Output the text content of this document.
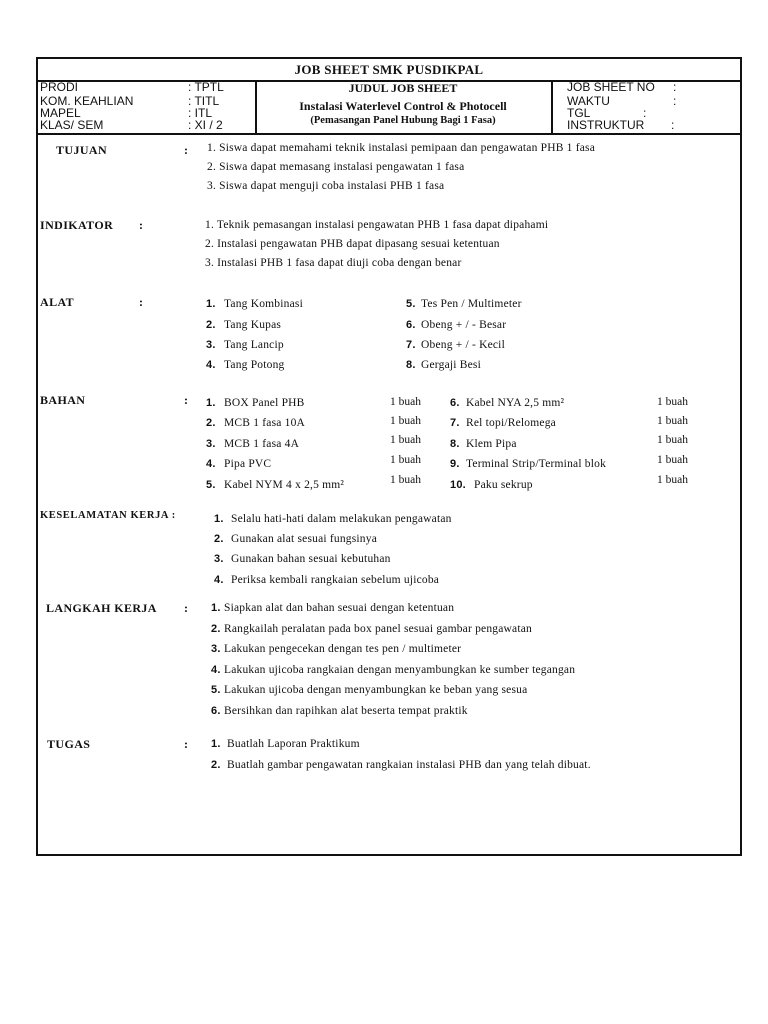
JOB SHEET SMK PUSDIKPAL
PRODI	: TPTL
KOM. KEAHLIAN	: TITL
MAPEL	: ITL
KLAS/ SEM	: XI / 2
JUDUL JOB SHEET
Instalasi Waterlevel Control & Photocell
(Pemasangan Panel Hubung Bagi 1 Fasa)
JOB SHEET NO :
WAKTU	:
TGL	:
INSTRUKTUR :
TUJUAN	: 1. Siswa dapat memahami teknik instalasi pemipaan dan pengawatan PHB 1 fasa
2. Siswa dapat memasang instalasi pengawatan 1 fasa
3. Siswa dapat menguji coba instalasi PHB 1 fasa
INDIKATOR :	1. Teknik pemasangan instalasi pengawatan PHB 1 fasa dapat dipahami
2. Instalasi pengawatan PHB dapat dipasang sesuai ketentuan
3. Instalasi PHB 1 fasa dapat diuji coba dengan benar
ALAT	:	1. Tang Kombinasi
2. Tang Kupas
3. Tang Lancip
4. Tang Potong
5. Tes Pen / Multimeter
6. Obeng + / - Besar
7. Obeng + / - Kecil
8. Gergaji Besi
BAHAN	: 1. BOX Panel PHB	1 buah
2. MCB 1 fasa 10A	1 buah
3. MCB 1 fasa 4A	1 buah
4. Pipa PVC	1 buah
5. Kabel NYM 4 x 2,5 mm²	1 buah
6. Kabel NYA 2,5 mm²	1 buah
7. Rel topi/Relomega	1 buah
8. Klem Pipa	1 buah
9. Terminal Strip/Terminal blok	1 buah
10. Paku sekrup	1 buah
KESELAMATAN KERJA :	1. Selalu hati-hati dalam melakukan pengawatan
2. Gunakan alat sesuai fungsinya
3. Gunakan bahan sesuai kebutuhan
4. Periksa kembali rangkaian sebelum ujicoba
LANGKAH KERJA : 1. Siapkan alat dan bahan sesuai dengan ketentuan
2. Rangkailah peralatan pada box panel sesuai gambar pengawatan
3. Lakukan pengecekan dengan tes pen / multimeter
4. Lakukan ujicoba rangkaian dengan menyambungkan ke sumber tegangan
5. Lakukan ujicoba dengan menyambungkan ke beban yang sesua
6. Bersihkan dan rapihkan alat beserta tempat praktik
TUGAS	: 1. Buatlah Laporan Praktikum
2. Buatlah gambar pengawatan rangkaian instalasi PHB dan yang telah dibuat.
